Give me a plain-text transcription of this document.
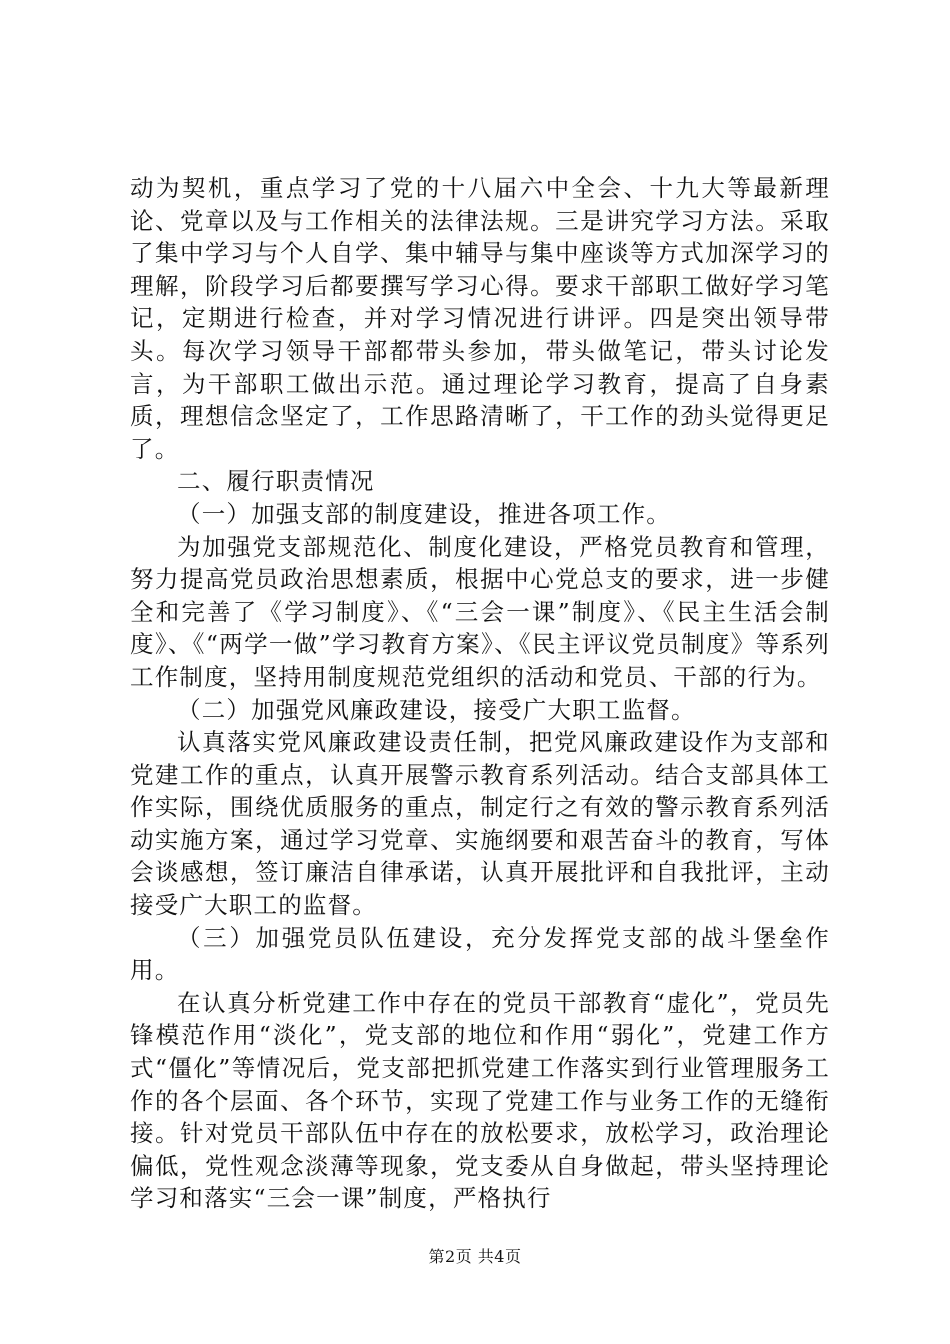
动为契机，重点学习了党的十八届六中全会、十九大等最新理论、党章以及与工作相关的法律法规。三是讲究学习方法。采取了集中学习与个人自学、集中辅导与集中座谈等方式加深学习的理解，阶段学习后都要撰写学习心得。要求干部职工做好学习笔记，定期进行检查，并对学习情况进行讲评。四是突出领导带头。每次学习领导干部都带头参加，带头做笔记，带头讨论发言，为干部职工做出示范。通过理论学习教育，提高了自身素质，理想信念坚定了，工作思路清晰了，干工作的劲头觉得更足了。

二、履行职责情况

（一）加强支部的制度建设，推进各项工作。

为加强党支部规范化、制度化建设，严格党员教育和管理，努力提高党员政治思想素质，根据中心党总支的要求，进一步健全和完善了《学习制度》、《“三会一课”制度》、《民主生活会制度》、《“两学一做”学习教育方案》、《民主评议党员制度》等系列工作制度，坚持用制度规范党组织的活动和党员、干部的行为。

（二）加强党风廉政建设，接受广大职工监督。

认真落实党风廉政建设责任制，把党风廉政建设作为支部和党建工作的重点，认真开展警示教育系列活动。结合支部具体工作实际，围绕优质服务的重点，制定行之有效的警示教育系列活动实施方案，通过学习党章、实施纲要和艰苦奋斗的教育，写体会谈感想，签订廉洁自律承诺，认真开展批评和自我批评，主动接受广大职工的监督。

（三）加强党员队伍建设，充分发挥党支部的战斗堡垒作用。

在认真分析党建工作中存在的党员干部教育“虚化”，党员先锋模范作用“淡化”，党支部的地位和作用“弱化”，党建工作方式“僵化”等情况后，党支部把抓党建工作落实到行业管理服务工作的各个层面、各个环节，实现了党建工作与业务工作的无缝衔接。针对党员干部队伍中存在的放松要求，放松学习，政治理论偏低，党性观念淡薄等现象，党支委从自身做起，带头坚持理论学习和落实“三会一课”制度，严格执行

第2页 共4页
